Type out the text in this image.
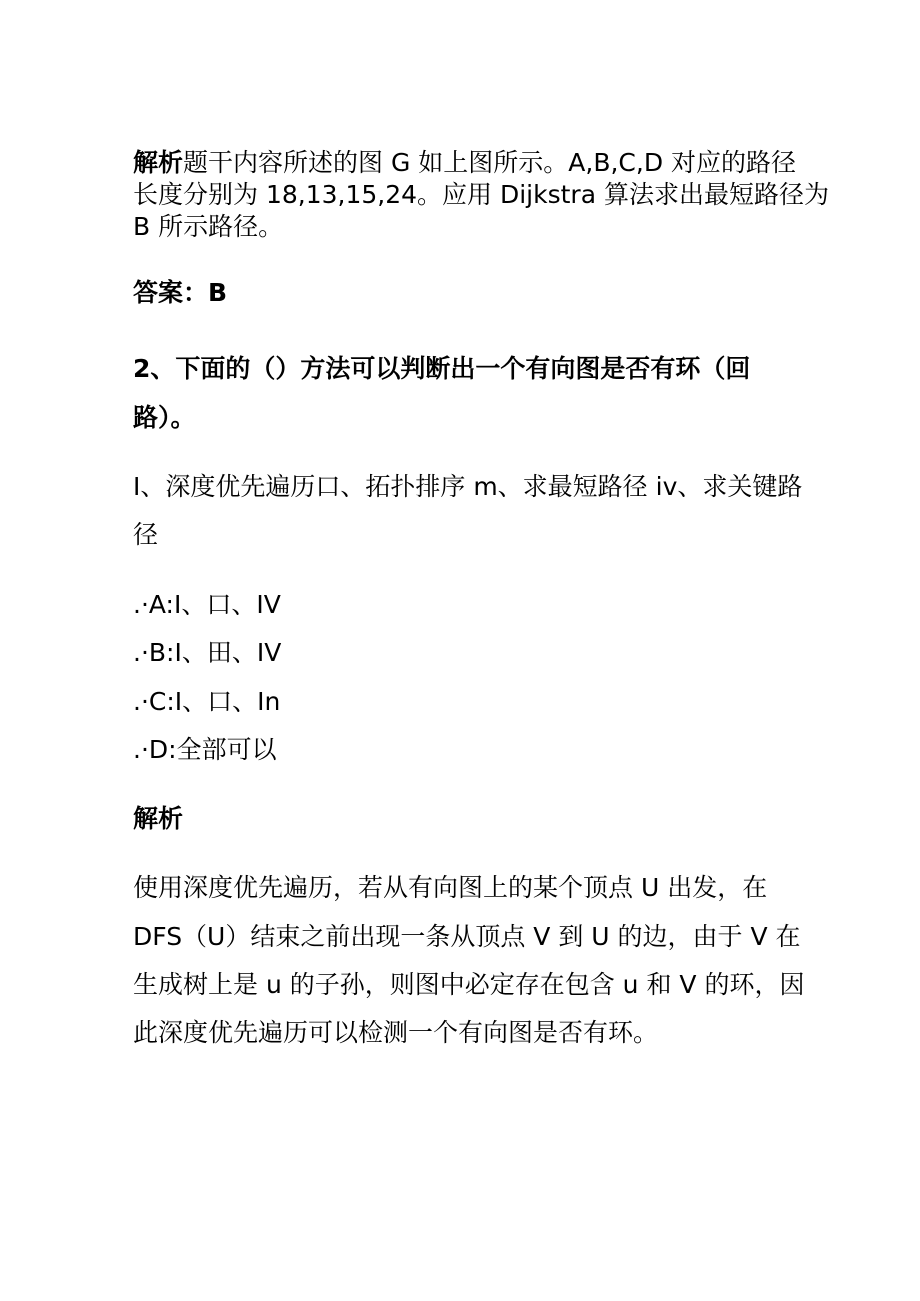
解析题干内容所述的图 G 如上图所示。A,B,C,D 对应的路径
长度分别为 18,13,15,24。应用 Dijkstra 算法求出最短路径为
B 所示路径。
答案：B
2、下面的（）方法可以判断出一个有向图是否有环（回
路）。
I、深度优先遍历口、拓扑排序 m、求最短路径 iv、求关键路
径
.·A:I、口、IV
.·B:I、田、IV
.·C:I、口、In
.·D:全部可以
解析
使用深度优先遍历，若从有向图上的某个顶点 U 出发，在
DFS（U）结束之前出现一条从顶点 V 到 U 的边，由于 V 在
生成树上是 u 的子孙，则图中必定存在包含 u 和 V 的环，因
此深度优先遍历可以检测一个有向图是否有环。
